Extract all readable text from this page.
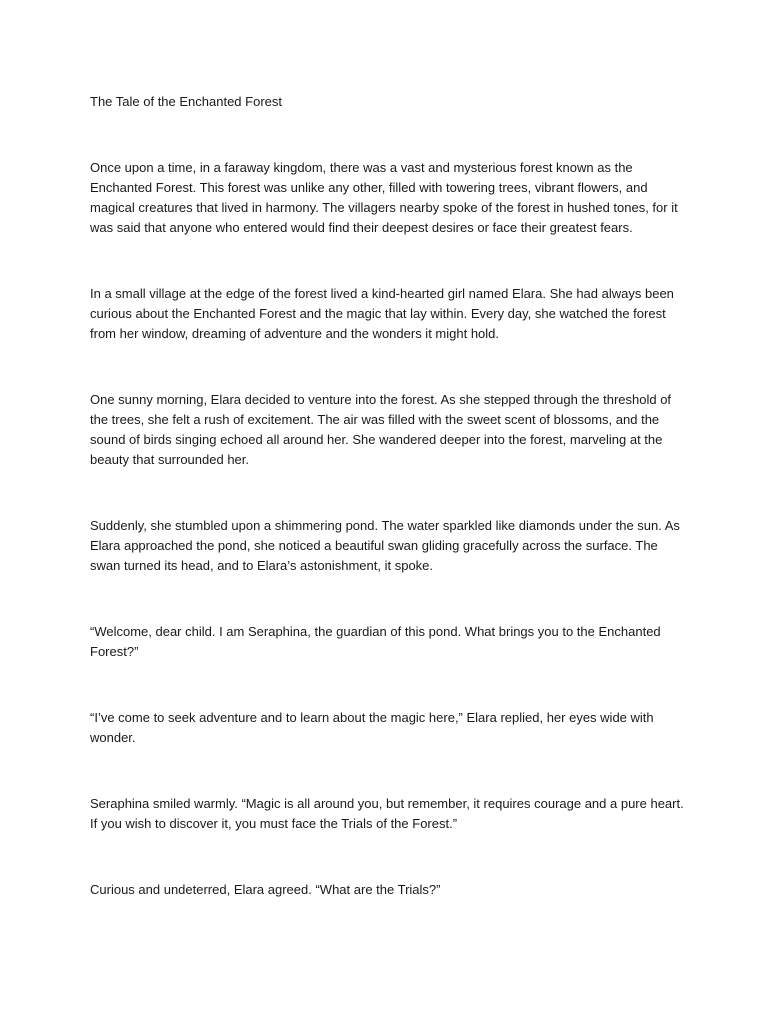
The Tale of the Enchanted Forest

Once upon a time, in a faraway kingdom, there was a vast and mysterious forest known as the Enchanted Forest. This forest was unlike any other, filled with towering trees, vibrant flowers, and magical creatures that lived in harmony. The villagers nearby spoke of the forest in hushed tones, for it was said that anyone who entered would find their deepest desires or face their greatest fears.

In a small village at the edge of the forest lived a kind-hearted girl named Elara. She had always been curious about the Enchanted Forest and the magic that lay within. Every day, she watched the forest from her window, dreaming of adventure and the wonders it might hold.

One sunny morning, Elara decided to venture into the forest. As she stepped through the threshold of the trees, she felt a rush of excitement. The air was filled with the sweet scent of blossoms, and the sound of birds singing echoed all around her. She wandered deeper into the forest, marveling at the beauty that surrounded her.

Suddenly, she stumbled upon a shimmering pond. The water sparkled like diamonds under the sun. As Elara approached the pond, she noticed a beautiful swan gliding gracefully across the surface. The swan turned its head, and to Elara’s astonishment, it spoke.

“Welcome, dear child. I am Seraphina, the guardian of this pond. What brings you to the Enchanted Forest?”

“I’ve come to seek adventure and to learn about the magic here,” Elara replied, her eyes wide with wonder.

Seraphina smiled warmly. “Magic is all around you, but remember, it requires courage and a pure heart. If you wish to discover it, you must face the Trials of the Forest.”

Curious and undeterred, Elara agreed. “What are the Trials?”
